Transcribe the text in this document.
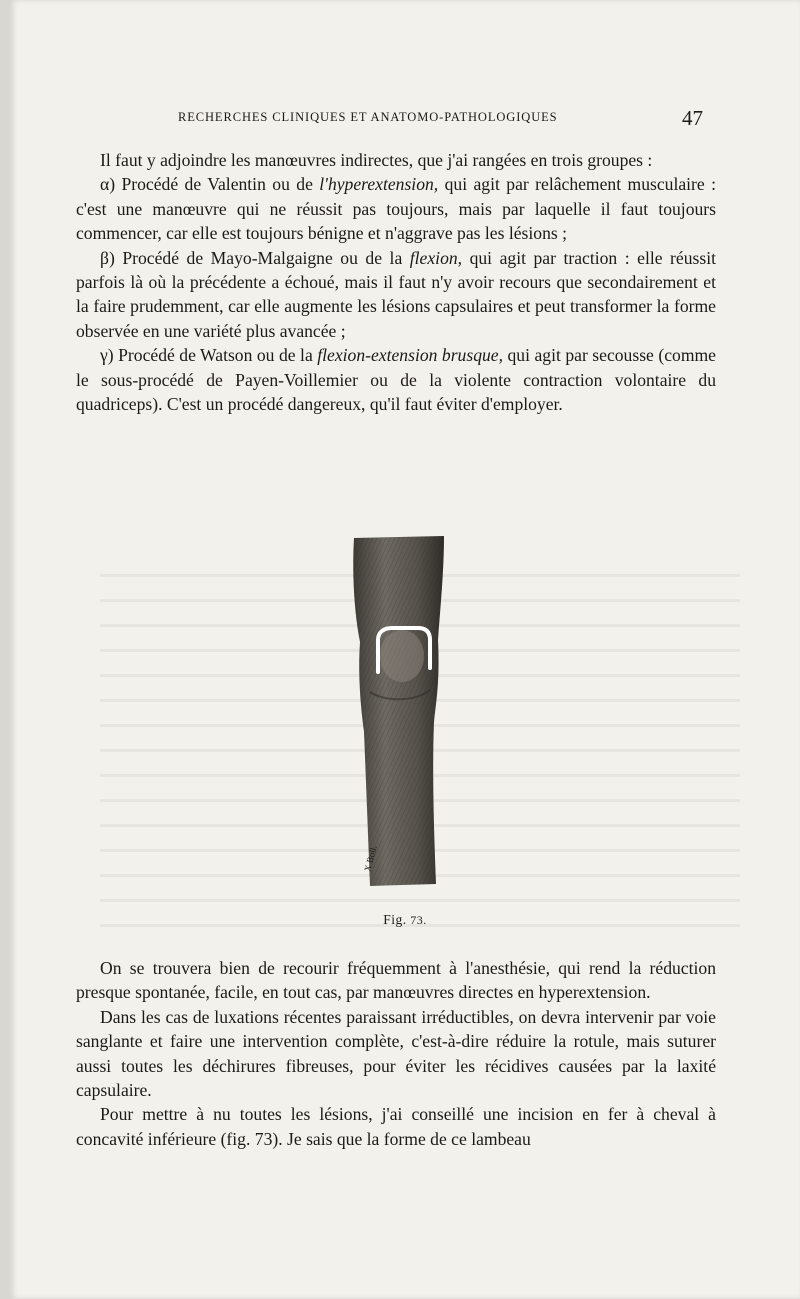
RECHERCHES CLINIQUES ET ANATOMO-PATHOLOGIQUES	47

Il faut y adjoindre les manœuvres indirectes, que j'ai rangées en trois groupes :

α) Procédé de Valentin ou de l'hyperextension, qui agit par relâchement musculaire : c'est une manœuvre qui ne réussit pas toujours, mais par laquelle il faut toujours commencer, car elle est toujours bénigne et n'aggrave pas les lésions ;

β) Procédé de Mayo-Malgaigne ou de la flexion, qui agit par traction : elle réussit parfois là où la précédente a échoué, mais il faut n'y avoir recours que secondairement et la faire prudemment, car elle augmente les lésions capsulaires et peut transformer la forme observée en une variété plus avancée ;

γ) Procédé de Watson ou de la flexion-extension brusque, qui agit par secousse (comme le sous-procédé de Payen-Voillemier ou de la violente contraction volontaire du quadriceps). C'est un procédé dangereux, qu'il faut éviter d'employer.

X Boll.
Fig. 73.

On se trouvera bien de recourir fréquemment à l'anesthésie, qui rend la réduction presque spontanée, facile, en tout cas, par manœuvres directes en hyperextension.

Dans les cas de luxations récentes paraissant irréductibles, on devra intervenir par voie sanglante et faire une intervention complète, c'est-à-dire réduire la rotule, mais suturer aussi toutes les déchirures fibreuses, pour éviter les récidives causées par la laxité capsulaire.

Pour mettre à nu toutes les lésions, j'ai conseillé une incision en fer à cheval à concavité inférieure (fig. 73). Je sais que la forme de ce lambeau
